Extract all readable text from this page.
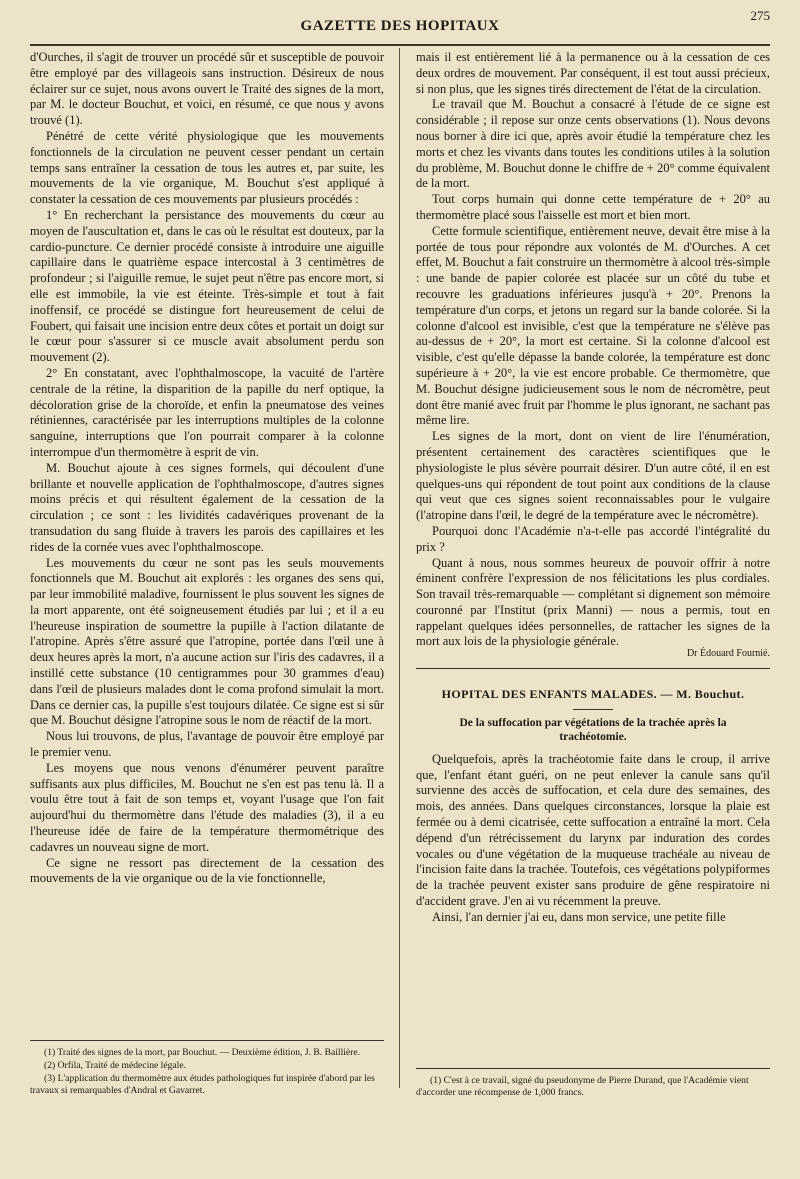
GAZETTE DES HOPITAUX
275

d'Ourches, il s'agit de trouver un procédé sûr et susceptible de pouvoir être employé par des villageois sans instruction. Désireux de nous éclairer sur ce sujet, nous avons ouvert le Traité des signes de la mort, par M. le docteur Bouchut, et voici, en résumé, ce que nous y avons trouvé (1).

Pénétré de cette vérité physiologique que les mouvements fonctionnels de la circulation ne peuvent cesser pendant un certain temps sans entraîner la cessation de tous les autres et, par suite, les mouvements de la vie organique, M. Bouchut s'est appliqué à constater la cessation de ces mouvements par plusieurs procédés :

1° En recherchant la persistance des mouvements du cœur au moyen de l'auscultation et, dans le cas où le résultat est douteux, par la cardio-puncture. Ce dernier procédé consiste à introduire une aiguille capillaire dans le quatrième espace intercostal à 3 centimètres de profondeur ; si l'aiguille remue, le sujet peut n'être pas encore mort, si elle est immobile, la vie est éteinte. Très-simple et tout à fait inoffensif, ce procédé se distingue fort heureusement de celui de Foubert, qui faisait une incision entre deux côtes et portait un doigt sur le cœur pour s'assurer si ce muscle avait absolument perdu son mouvement (2).

2° En constatant, avec l'ophthalmoscope, la vacuité de l'artère centrale de la rétine, la disparition de la papille du nerf optique, la décoloration grise de la choroïde, et enfin la pneumatose des veines rétiniennes, caractérisée par les interruptions multiples de la colonne sanguine, interruptions que l'on pourrait comparer à la colonne interrompue d'un thermomètre à esprit de vin.

M. Bouchut ajoute à ces signes formels, qui découlent d'une brillante et nouvelle application de l'ophthalmoscope, d'autres signes moins précis et qui résultent également de la cessation de la circulation ; ce sont : les lividités cadavériques provenant de la transudation du sang fluide à travers les parois des capillaires et les rides de la cornée vues avec l'ophthalmoscope.

Les mouvements du cœur ne sont pas les seuls mouvements fonctionnels que M. Bouchut ait explorés : les organes des sens qui, par leur immobilité maladive, fournissent le plus souvent les signes de la mort apparente, ont été soigneusement étudiés par lui ; et il a eu l'heureuse inspiration de soumettre la pupille à l'action dilatante de l'atropine. Après s'être assuré que l'atropine, portée dans l'œil une à deux heures après la mort, n'a aucune action sur l'iris des cadavres, il a instillé cette substance (10 centigrammes pour 30 grammes d'eau) dans l'œil de plusieurs malades dont le coma profond simulait la mort. Dans ce dernier cas, la pupille s'est toujours dilatée. Ce signe est si sûr que M. Bouchut désigne l'atropine sous le nom de réactif de la mort.

Nous lui trouvons, de plus, l'avantage de pouvoir être employé par le premier venu.

Les moyens que nous venons d'énumérer peuvent paraître suffisants aux plus difficiles, M. Bouchut ne s'en est pas tenu là. Il a voulu être tout à fait de son temps et, voyant l'usage que l'on fait aujourd'hui du thermomètre dans l'étude des maladies (3), il a eu l'heureuse idée de faire de la température thermométrique des cadavres un nouveau signe de mort.

Ce signe ne ressort pas directement de la cessation des mouvements de la vie organique ou de la vie fonctionnelle,

(1) Traité des signes de la mort, par Bouchut. — Deuxième édition, J. B. Baillière.

(2) Orfila, Traité de médecine légale.

(3) L'application du thermomètre aux études pathologiques fut inspirée d'abord par les travaux si remarquables d'Andral et Gavarret.

mais il est entièrement lié à la permanence ou à la cessation de ces deux ordres de mouvement. Par conséquent, il est tout aussi précieux, si non plus, que les signes tirés directement de l'état de la circulation.

Le travail que M. Bouchut a consacré à l'étude de ce signe est considérable ; il repose sur onze cents observations (1). Nous devons nous borner à dire ici que, après avoir étudié la température chez les morts et chez les vivants dans toutes les conditions utiles à la solution du problème, M. Bouchut donne le chiffre de + 20° comme équivalent de la mort.

Tout corps humain qui donne cette température de + 20° au thermomètre placé sous l'aisselle est mort et bien mort.

Cette formule scientifique, entièrement neuve, devait être mise à la portée de tous pour répondre aux volontés de M. d'Ourches. A cet effet, M. Bouchut a fait construire un thermomètre à alcool très-simple : une bande de papier colorée est placée sur un côté du tube et recouvre les graduations inférieures jusqu'à + 20°. Prenons la température d'un corps, et jetons un regard sur la bande colorée. Si la colonne d'alcool est invisible, c'est que la température ne s'élève pas au-dessus de + 20°, la mort est certaine. Si la colonne d'alcool est visible, c'est qu'elle dépasse la bande colorée, la température est donc supérieure à + 20°, la vie est encore probable. Ce thermomètre, que M. Bouchut désigne judicieusement sous le nom de nécromètre, peut dont être manié avec fruit par l'homme le plus ignorant, ne sachant pas même lire.

Les signes de la mort, dont on vient de lire l'énumération, présentent certainement des caractères scientifiques que le physiologiste le plus sévère pourrait désirer. D'un autre côté, il en est quelques-uns qui répondent de tout point aux conditions de la clause qui veut que ces signes soient reconnaissables pour le vulgaire (l'atropine dans l'œil, le degré de la température avec le nécromètre).

Pourquoi donc l'Académie n'a-t-elle pas accordé l'intégralité du prix ?

Quant à nous, nous sommes heureux de pouvoir offrir à notre éminent confrère l'expression de nos félicitations les plus cordiales. Son travail très-remarquable — complétant si dignement son mémoire couronné par l'Institut (prix Manni) — nous a permis, tout en rappelant quelques idées personnelles, de rattacher les signes de la mort aux lois de la physiologie générale.

Dr Édouard Fournié.

HOPITAL DES ENFANTS MALADES. — M. Bouchut.
De la suffocation par végétations de la trachée après la trachéotomie.

Quelquefois, après la trachéotomie faite dans le croup, il arrive que, l'enfant étant guéri, on ne peut enlever la canule sans qu'il survienne des accès de suffocation, et cela dure des semaines, des mois, des années. Dans quelques circonstances, lorsque la plaie est fermée ou à demi cicatrisée, cette suffocation a entraîné la mort. Cela dépend d'un rétrécissement du larynx par induration des cordes vocales ou d'une végétation de la muqueuse trachéale au niveau de l'incision faite dans la trachée. Toutefois, ces végétations polypiformes de la trachée peuvent exister sans produire de gêne respiratoire ni d'accident grave. J'en ai vu récemment la preuve.

Ainsi, l'an dernier j'ai eu, dans mon service, une petite fille

(1) C'est à ce travail, signé du pseudonyme de Pierre Durand, que l'Académie vient d'accorder une récompense de 1,000 francs.
